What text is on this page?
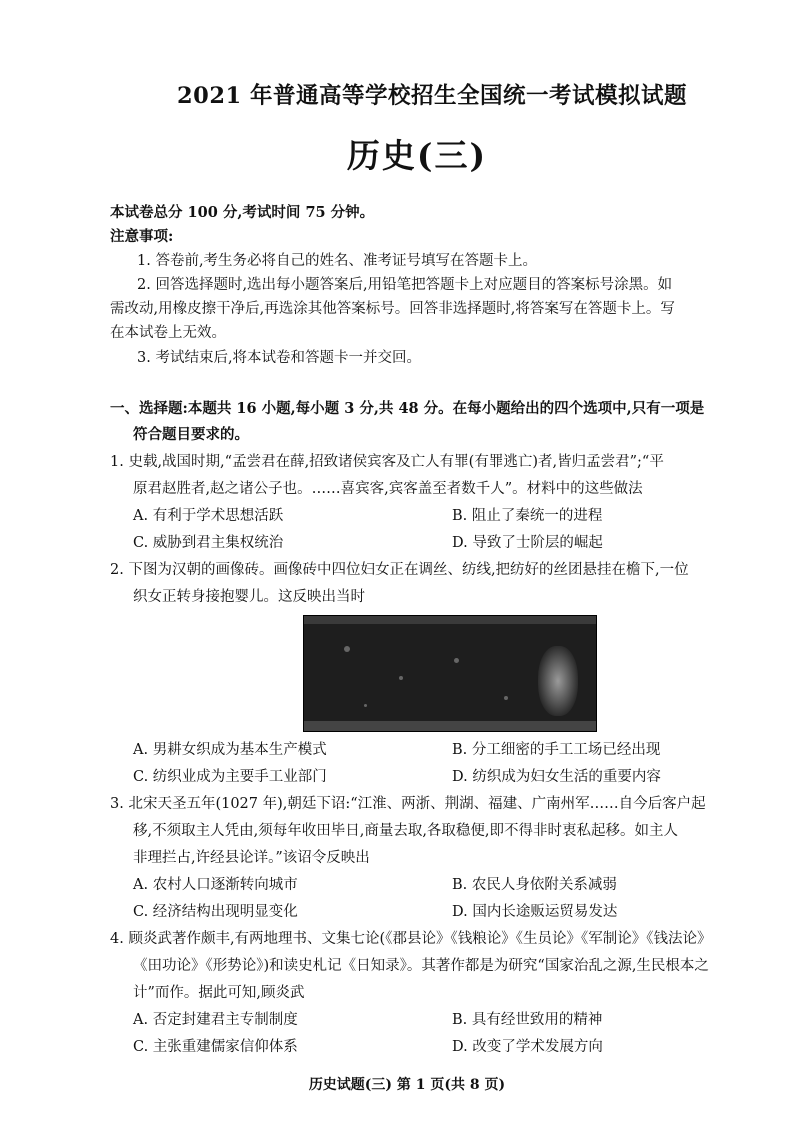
2021 年普通高等学校招生全国统一考试模拟试题
历史(三)
本试卷总分 100 分,考试时间 75 分钟。
注意事项:
1. 答卷前,考生务必将自己的姓名、准考证号填写在答题卡上。
2. 回答选择题时,选出每小题答案后,用铅笔把答题卡上对应题目的答案标号涂黑。如
需改动,用橡皮擦干净后,再选涂其他答案标号。回答非选择题时,将答案写在答题卡上。写
在本试卷上无效。
3. 考试结束后,将本试卷和答题卡一并交回。
一、选择题:本题共 16 小题,每小题 3 分,共 48 分。在每小题给出的四个选项中,只有一项是
符合题目要求的。
1. 史载,战国时期,“孟尝君在薛,招致诸侯宾客及亡人有罪(有罪逃亡)者,皆归孟尝君”;“平
原君赵胜者,赵之诸公子也。……喜宾客,宾客盖至者数千人”。材料中的这些做法
A. 有利于学术思想活跃	B. 阻止了秦统一的进程
C. 威胁到君主集权统治	D. 导致了士阶层的崛起
2. 下图为汉朝的画像砖。画像砖中四位妇女正在调丝、纺线,把纺好的丝团悬挂在檐下,一位
织女正转身接抱婴儿。这反映出当时
A. 男耕女织成为基本生产模式	B. 分工细密的手工工场已经出现
C. 纺织业成为主要手工业部门	D. 纺织成为妇女生活的重要内容
3. 北宋天圣五年(1027 年),朝廷下诏:“江淮、两浙、荆湖、福建、广南州军……自今后客户起
移,不须取主人凭由,须每年收田毕日,商量去取,各取稳便,即不得非时衷私起移。如主人
非理拦占,许经县论详。”该诏令反映出
A. 农村人口逐渐转向城市	B. 农民人身依附关系减弱
C. 经济结构出现明显变化	D. 国内长途贩运贸易发达
4. 顾炎武著作颇丰,有两地理书、文集七论(《郡县论》《钱粮论》《生员论》《军制论》《钱法论》
《田功论》《形势论》)和读史札记《日知录》。其著作都是为研究“国家治乱之源,生民根本之
计”而作。据此可知,顾炎武
A. 否定封建君主专制制度	B. 具有经世致用的精神
C. 主张重建儒家信仰体系	D. 改变了学术发展方向
历史试题(三) 第 1 页(共 8 页)
